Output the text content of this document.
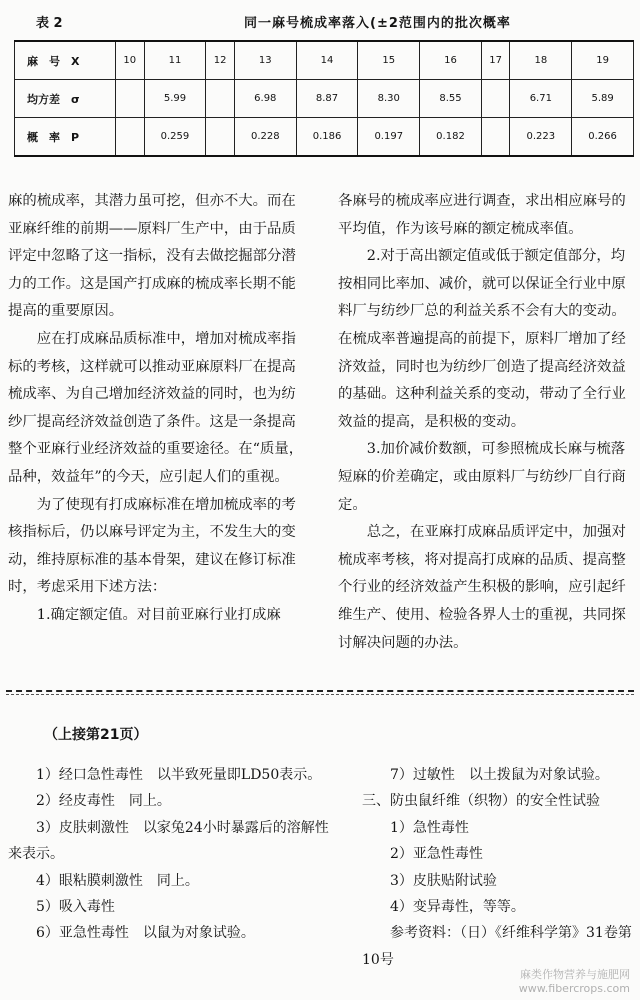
表 2	同一麻号梳成率落入(±2范围内的批次概率
麻　号　X	10	11	12	13	14	15	16	17	18	19
均方差　σ		5.99		6.98	8.87	8.30	8.55		6.71	5.89
概　率　P		0.259		0.228	0.186	0.197	0.182		0.223	0.266

麻的梳成率，其潜力虽可挖，但亦不大。而在亚麻纤维的前期——原料厂生产中，由于品质评定中忽略了这一指标，没有去做挖掘部分潜力的工作。这是国产打成麻的梳成率长期不能提高的重要原因。

应在打成麻品质标准中，增加对梳成率指标的考核，这样就可以推动亚麻原料厂在提高梳成率、为自己增加经济效益的同时，也为纺纱厂提高经济效益创造了条件。这是一条提高整个亚麻行业经济效益的重要途径。在“质量，品种，效益年”的今天，应引起人们的重视。

为了使现有打成麻标准在增加梳成率的考核指标后，仍以麻号评定为主，不发生大的变动，维持原标准的基本骨架，建议在修订标准时，考虑采用下述方法：

1.确定额定值。对目前亚麻行业打成麻

各麻号的梳成率应进行调查，求出相应麻号的平均值，作为该号麻的额定梳成率值。

2.对于高出额定值或低于额定值部分，均按相同比率加、减价，就可以保证全行业中原料厂与纺纱厂总的利益关系不会有大的变动。在梳成率普遍提高的前提下，原料厂增加了经济效益，同时也为纺纱厂创造了提高经济效益的基础。这种利益关系的变动，带动了全行业效益的提高，是积极的变动。

3.加价减价数额，可参照梳成长麻与梳落短麻的价差确定，或由原料厂与纺纱厂自行商定。

总之，在亚麻打成麻品质评定中，加强对梳成率考核，将对提高打成麻的品质、提高整个行业的经济效益产生积极的影响，应引起纤维生产、使用、检验各界人士的重视，共同探讨解决问题的办法。

（上接第21页）

1）经口急性毒性　以半致死量即LD50表示。

2）经皮毒性　同上。

3）皮肤刺激性　以家兔24小时暴露后的溶解性来表示。

4）眼粘膜刺激性　同上。

5）吸入毒性

6）亚急性毒性　以鼠为对象试验。

7）过敏性　以土拨鼠为对象试验。

三、防虫鼠纤维（织物）的安全性试验

1）急性毒性

2）亚急性毒性

3）皮肤贴附试验

4）变异毒性，等等。

参考资料：（日）《纤维科学第》31卷第10号

麻类作物营养与施肥网
www.fibercrops.com
